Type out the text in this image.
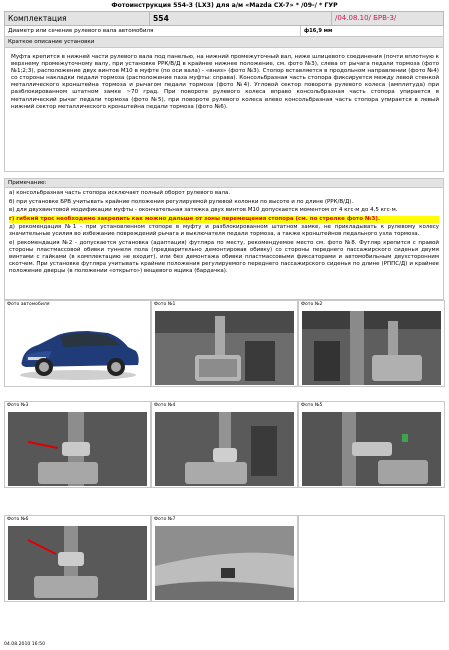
Фотоинструкция 554-3 (LX3) для а/м «Mazda CX-7» * /09-/ * ГУР
Комплектация	554	/04.08.10/ БРВ-3/
Диаметр или сечение рулевого вала автомобиля	ф16,9 мм
Краткое описание установки
Муфта крепится в нижней части рулевого вала под панелью, на нижний промежуточный вал, ниже шлицевого соединения (почти вплотную к верхнему промежуточному валу, при установке РРК/В/Д в крайнее нижнее положение, см. фото №3), слева от рычага педали тормоза (фото №1;2;3), расположение двух винтов М10 в муфте (по оси вала) - «вниз» (фото №3). Стопор вставляется в продольном направлении (фото №4) со стороны накладки педали тормоза (расположение паза муфты: справа). Консольбразная часть стопора фиксируется между левой стенкой металлического кронштейна тормоза и рычагом педали тормоза (фото №4). Угловой сектор поворота рулевого колеса (амплитуда) при разблокированном штатном замке ~70 град. При повороте рулевого колеса вправо консольбразная часть стопора упирается в металлический рычаг педали тормоза (фото №5), при повороте рулевого колеса влево консольбразная часть стопора упирается в левый нижний сектор металлического кронштейна педали тормоза (фото №6).
Примечание:

а) консольбразная часть стопора исключает полный оборот рулевого вала.

б) при установке БРВ учитывать крайние положения регулируемой рулевой колонки по высоте и по длине (РРК/В/Д).

в) для двухвинтовой модификации муфты - окончательная затяжка двух винтов М10 допускается моментом от 4 кгс·м до 4,5 кгс·м.

г) гибкий трос необходимо закрепить как можно дальше от зоны перемещения стопора (см. по стрелке фото №3).

д) рекомендация №1 - при установленном стопоре в муфту и разблокированном штатном замке, не прикладывать к рулевому колесу значительные усилия во избежание повреждений рычага и выключателя педали тормоза, а также кронштейнов педального узла тормоза.

е) рекомендация №2 - допускается установка (адаптация) футляра по месту, рекомендуемое место см. фото №8. Футляр крепится с правой стороны пластмассовой обивки туннеля пола (предварительно демонтировав обивку) со стороны переднего пассажирского сиденья двумя винтами с гайками (в комплектацию не входит), или без демонтажа обивки пластмассовыми фиксаторами и автомобильным двухсторонним скотчем. При установке футляра учитывать крайние положения регулируемого переднего пассажирского сиденья по длине (РППС/Д) и крайнее положение дверцы (в положении «открыто») вещевого ящика (бардачка).

Фото автомобиля	Фото №1	Фото №2
Фото №3	Фото №4	Фото №5
Фото №6	Фото №7
04.08.2010 16:50
